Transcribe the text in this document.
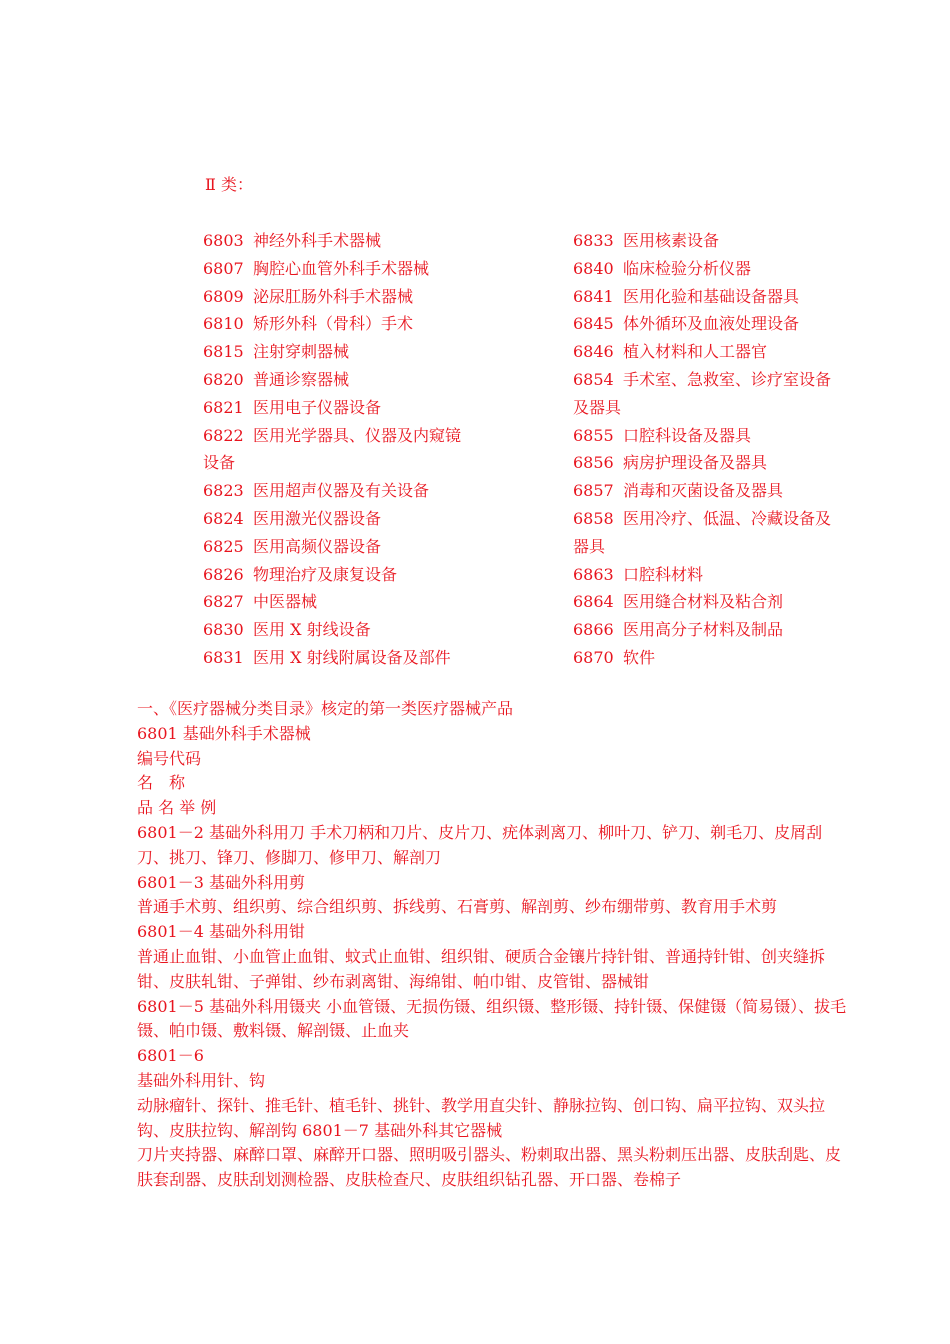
Ⅱ 类：
6803 神经外科手术器械
6807 胸腔心血管外科手术器械
6809 泌尿肛肠外科手术器械
6810 矫形外科（骨科）手术
6815 注射穿刺器械
6820 普通诊察器械
6821 医用电子仪器设备
6822 医用光学器具、仪器及内窥镜
设备
6823 医用超声仪器及有关设备
6824 医用激光仪器设备
6825 医用高频仪器设备
6826 物理治疗及康复设备
6827 中医器械
6830 医用 X 射线设备
6831 医用 X 射线附属设备及部件
6833 医用核素设备
6840 临床检验分析仪器
6841 医用化验和基础设备器具
6845 体外循环及血液处理设备
6846 植入材料和人工器官
6854 手术室、急救室、诊疗室设备
及器具
6855 口腔科设备及器具
6856 病房护理设备及器具
6857 消毒和灭菌设备及器具
6858 医用冷疗、低温、冷藏设备及
器具
6863 口腔科材料
6864 医用缝合材料及粘合剂
6866 医用高分子材料及制品
6870 软件

一、《医疗器械分类目录》核定的第一类医疗器械产品

6801 基础外科手术器械

编号代码

名　称

品 名 举 例

6801－2 基础外科用刀 手术刀柄和刀片、皮片刀、疣体剥离刀、柳叶刀、铲刀、剃毛刀、皮屑刮刀、挑刀、锋刀、修脚刀、修甲刀、解剖刀

6801－3 基础外科用剪

普通手术剪、组织剪、综合组织剪、拆线剪、石膏剪、解剖剪、纱布绷带剪、教育用手术剪

6801－4 基础外科用钳

普通止血钳、小血管止血钳、蚊式止血钳、组织钳、硬质合金镶片持针钳、普通持针钳、创夹缝拆钳、皮肤轧钳、子弹钳、纱布剥离钳、海绵钳、帕巾钳、皮管钳、器械钳

6801－5 基础外科用镊夹 小血管镊、无损伤镊、组织镊、整形镊、持针镊、保健镊（简易镊）、拔毛镊、帕巾镊、敷料镊、解剖镊、止血夹

6801－6

基础外科用针、钩

动脉瘤针、探针、推毛针、植毛针、挑针、教学用直尖针、静脉拉钩、创口钩、扁平拉钩、双头拉钩、皮肤拉钩、解剖钩 6801－7 基础外科其它器械

刀片夹持器、麻醉口罩、麻醉开口器、照明吸引器头、粉刺取出器、黑头粉刺压出器、皮肤刮匙、皮肤套刮器、皮肤刮划测检器、皮肤检查尺、皮肤组织钻孔器、开口器、卷棉子
